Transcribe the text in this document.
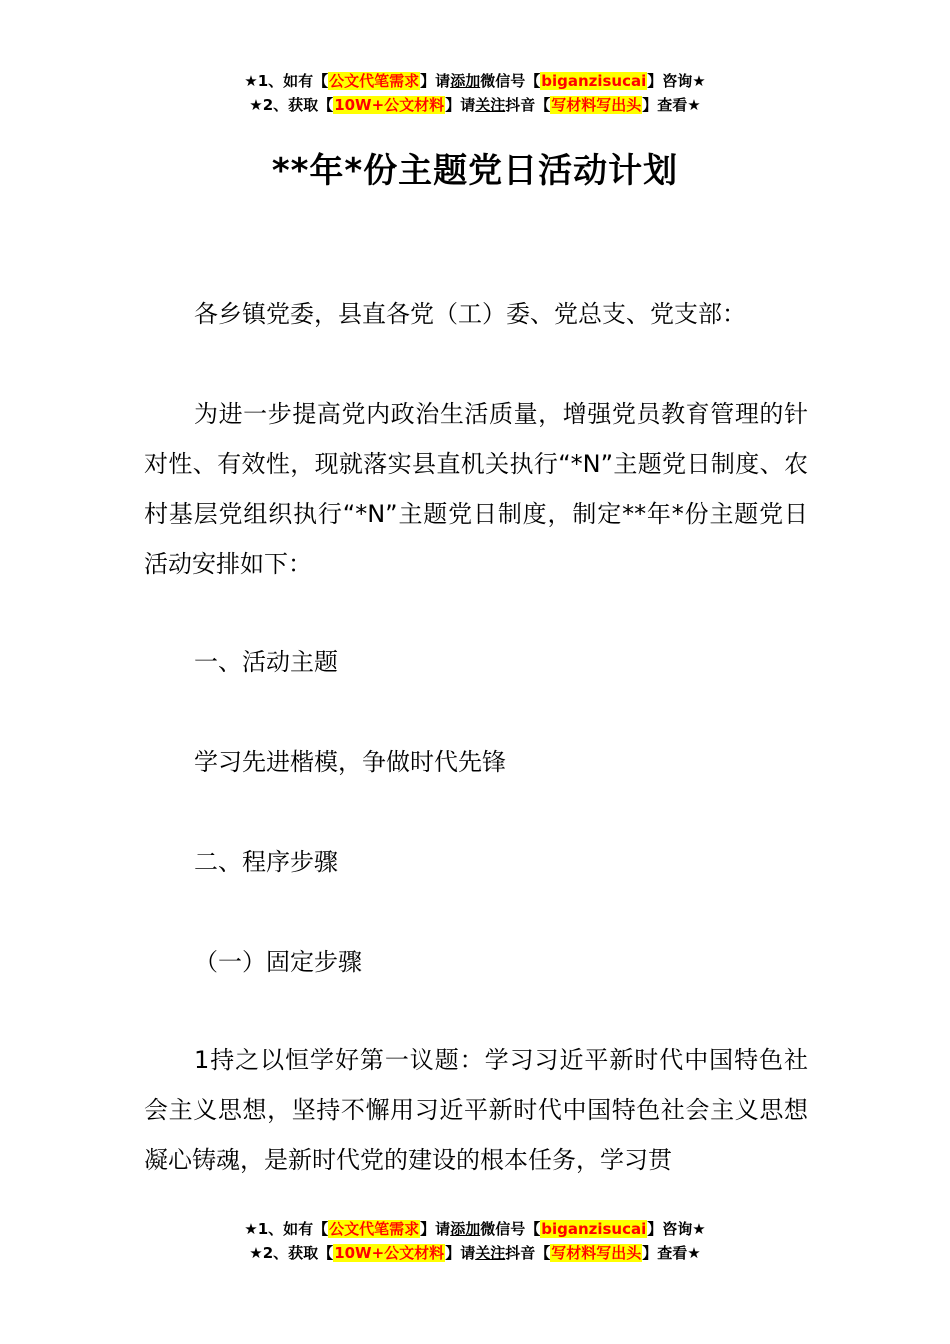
★1、如有【公文代笔需求】请添加微信号【biganzisucai】咨询★
★2、获取【10W+公文材料】请关注抖音【写材料写出头】查看★
**年*份主题党日活动计划

各乡镇党委，县直各党（工）委、党总支、党支部：

为进一步提高党内政治生活质量，增强党员教育管理的针对性、有效性，现就落实县直机关执行“*N”主题党日制度、农村基层党组织执行“*N”主题党日制度，制定**年*份主题党日活动安排如下：

一、活动主题

学习先进楷模，争做时代先锋

二、程序步骤

（一）固定步骤

1持之以恒学好第一议题：学习习近平新时代中国特色社会主义思想，坚持不懈用习近平新时代中国特色社会主义思想凝心铸魂，是新时代党的建设的根本任务，学习贯

★1、如有【公文代笔需求】请添加微信号【biganzisucai】咨询★
★2、获取【10W+公文材料】请关注抖音【写材料写出头】查看★
